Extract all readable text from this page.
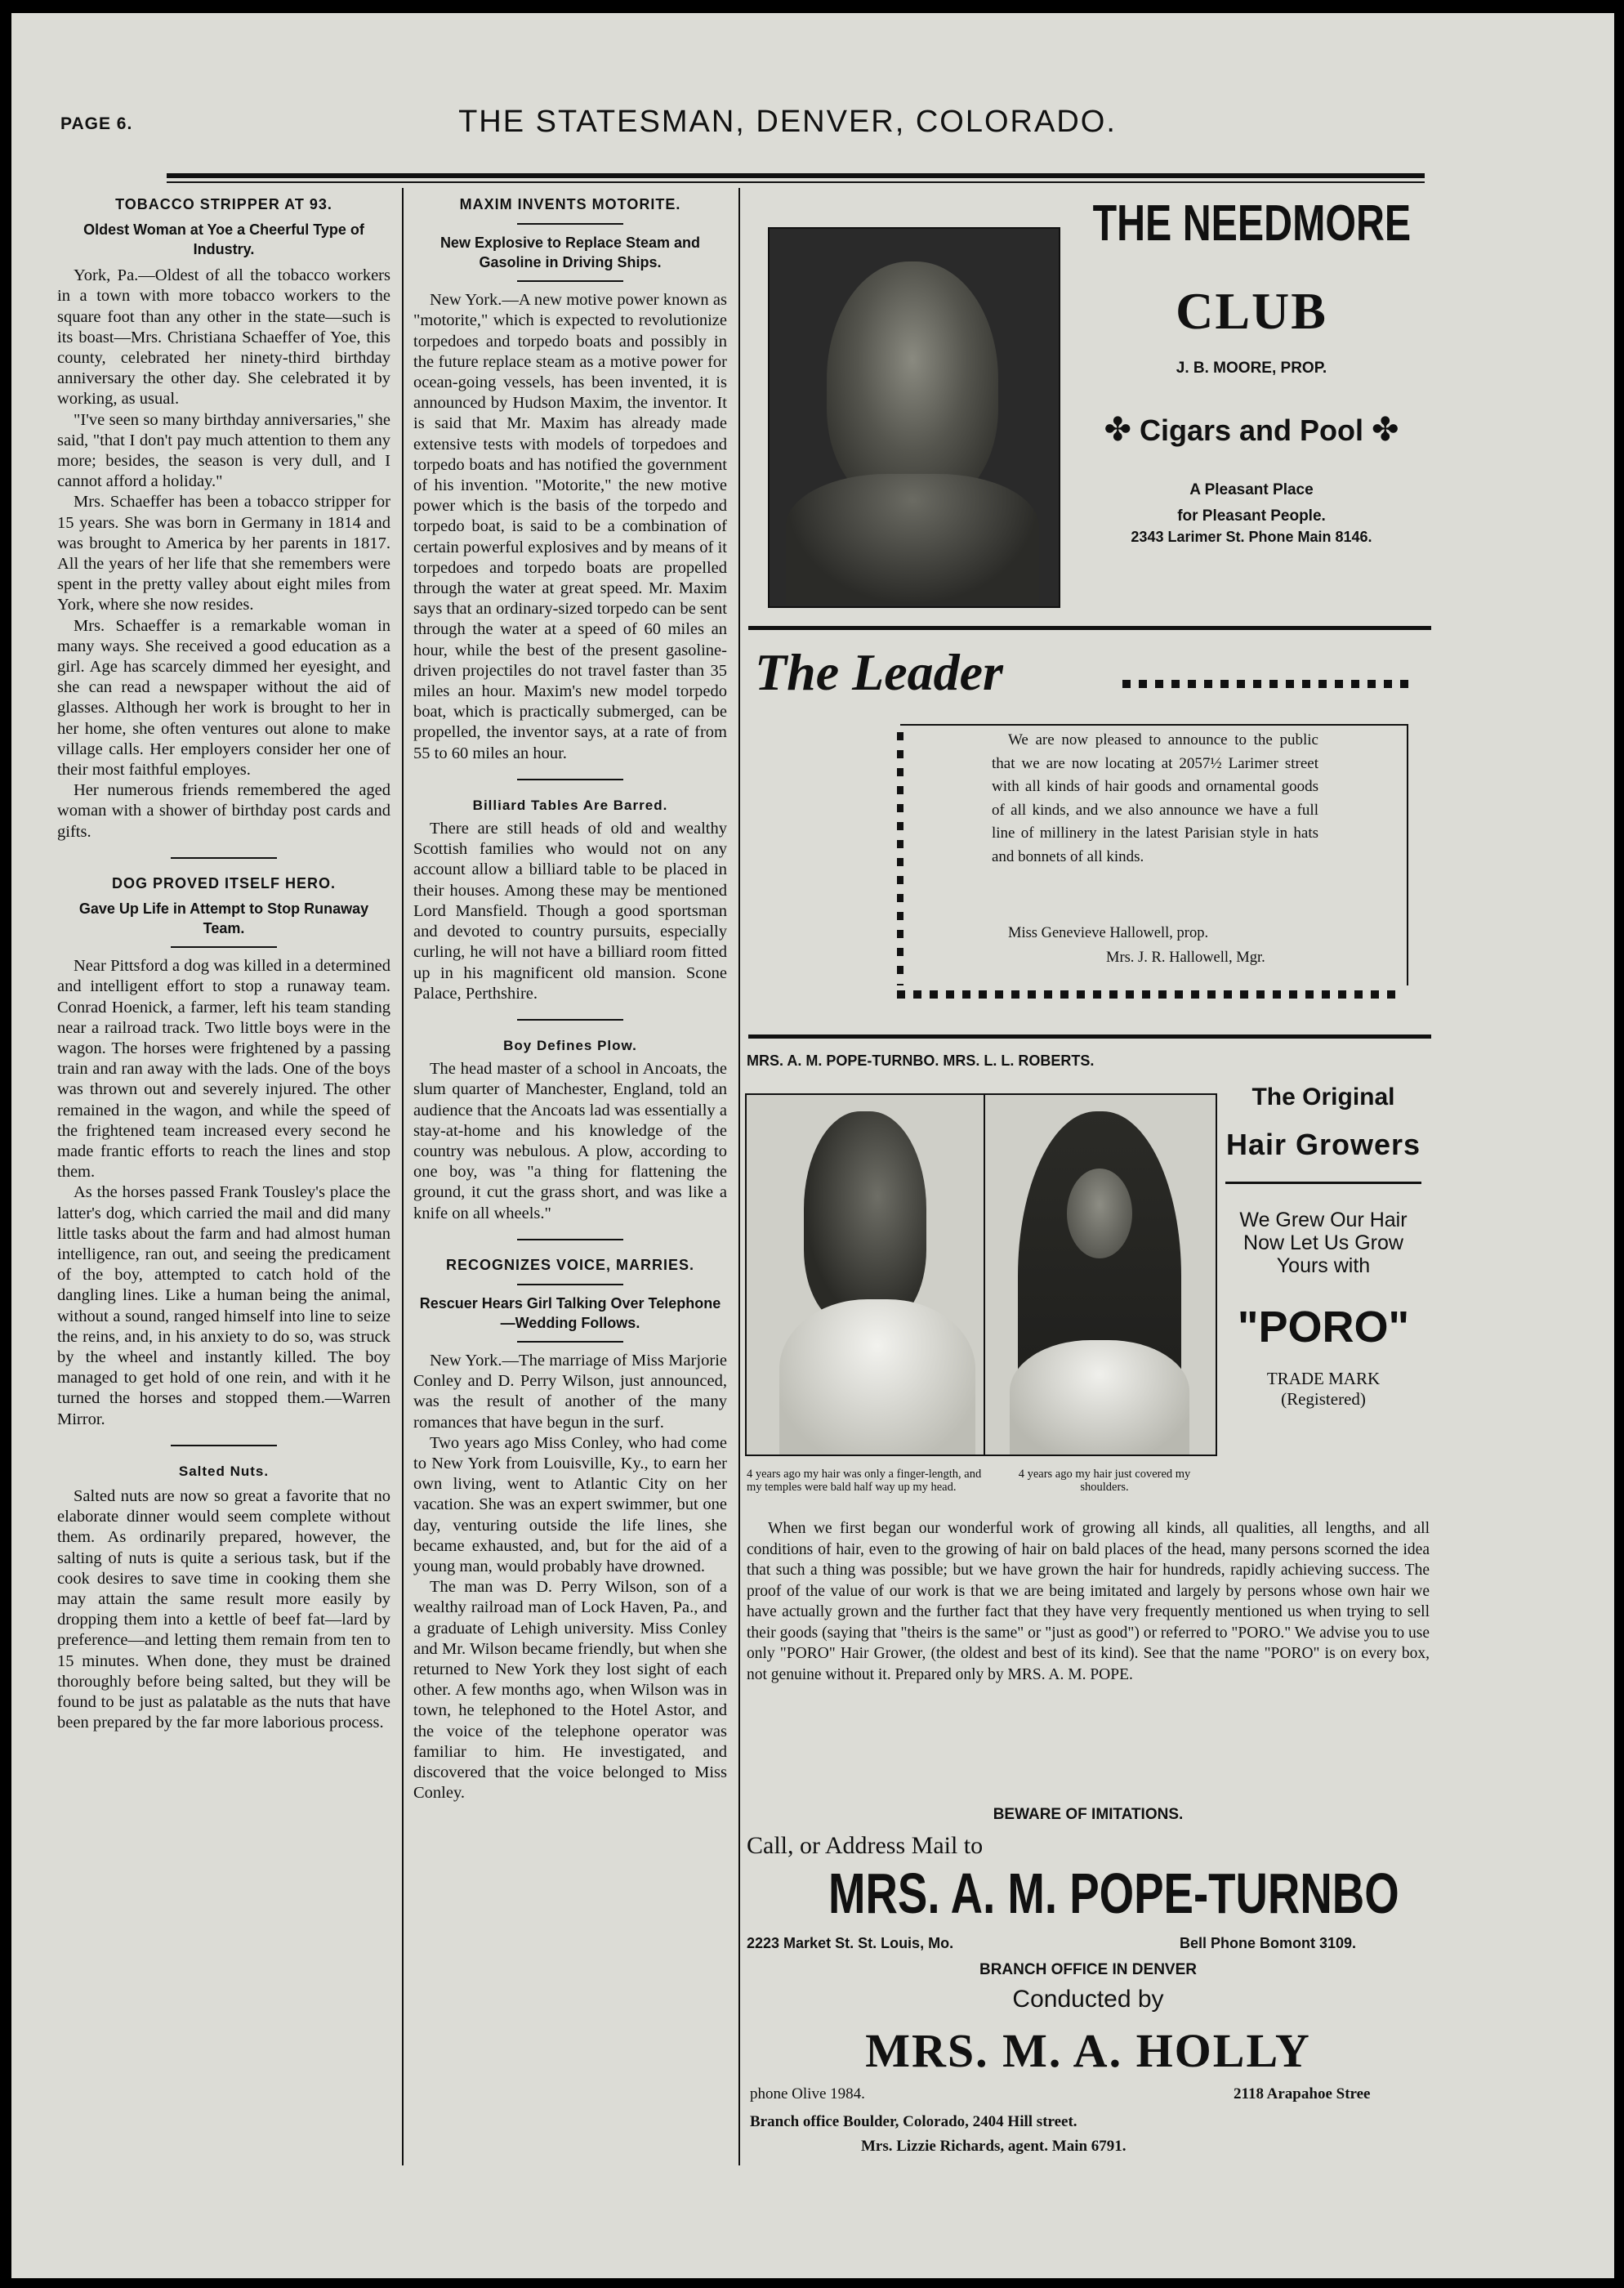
PAGE 6.	THE STATESMAN, DENVER, COLORADO.
TOBACCO STRIPPER AT 93.
Oldest Woman at Yoe a Cheerful Type of Industry.

York, Pa.—Oldest of all the tobacco workers in a town with more tobacco workers to the square foot than any other in the state—such is its boast—Mrs. Christiana Schaeffer of Yoe, this county, celebrated her ninety-third birthday anniversary the other day. She celebrated it by working, as usual.

"I've seen so many birthday anniversaries," she said, "that I don't pay much attention to them any more; besides, the season is very dull, and I cannot afford a holiday."

Mrs. Schaeffer has been a tobacco stripper for 15 years. She was born in Germany in 1814 and was brought to America by her parents in 1817. All the years of her life that she remembers were spent in the pretty valley about eight miles from York, where she now resides.

Mrs. Schaeffer is a remarkable woman in many ways. She received a good education as a girl. Age has scarcely dimmed her eyesight, and she can read a newspaper without the aid of glasses. Although her work is brought to her in her home, she often ventures out alone to make village calls. Her employers consider her one of their most faithful employes.

Her numerous friends remembered the aged woman with a shower of birthday post cards and gifts.

DOG PROVED ITSELF HERO.
Gave Up Life in Attempt to Stop Runaway Team.

Near Pittsford a dog was killed in a determined and intelligent effort to stop a runaway team. Conrad Hoenick, a farmer, left his team standing near a railroad track. Two little boys were in the wagon. The horses were frightened by a passing train and ran away with the lads. One of the boys was thrown out and severely injured. The other remained in the wagon, and while the speed of the frightened team increased every second he made frantic efforts to reach the lines and stop them.

As the horses passed Frank Tousley's place the latter's dog, which carried the mail and did many little tasks about the farm and had almost human intelligence, ran out, and seeing the predicament of the boy, attempted to catch hold of the dangling lines. Like a human being the animal, without a sound, ranged himself into line to seize the reins, and, in his anxiety to do so, was struck by the wheel and instantly killed. The boy managed to get hold of one rein, and with it he turned the horses and stopped them.—Warren Mirror.

Salted Nuts.

Salted nuts are now so great a favorite that no elaborate dinner would seem complete without them. As ordinarily prepared, however, the salting of nuts is quite a serious task, but if the cook desires to save time in cooking them she may attain the same result more easily by dropping them into a kettle of beef fat—lard by preference—and letting them remain from ten to 15 minutes. When done, they must be drained thoroughly before being salted, but they will be found to be just as palatable as the nuts that have been prepared by the far more laborious process.

MAXIM INVENTS MOTORITE.
New Explosive to Replace Steam and Gasoline in Driving Ships.

New York.—A new motive power known as "motorite," which is expected to revolutionize torpedoes and torpedo boats and possibly in the future replace steam as a motive power for ocean-going vessels, has been invented, it is announced by Hudson Maxim, the inventor. It is said that Mr. Maxim has already made extensive tests with models of torpedoes and torpedo boats and has notified the government of his invention. "Motorite," the new motive power which is the basis of the torpedo and torpedo boat, is said to be a combination of certain powerful explosives and by means of it torpedoes and torpedo boats are propelled through the water at great speed. Mr. Maxim says that an ordinary-sized torpedo can be sent through the water at a speed of 60 miles an hour, while the best of the present gasoline-driven projectiles do not travel faster than 35 miles an hour. Maxim's new model torpedo boat, which is practically submerged, can be propelled, the inventor says, at a rate of from 55 to 60 miles an hour.

Billiard Tables Are Barred.

There are still heads of old and wealthy Scottish families who would not on any account allow a billiard table to be placed in their houses. Among these may be mentioned Lord Mansfield. Though a good sportsman and devoted to country pursuits, especially curling, he will not have a billiard room fitted up in his magnificent old mansion. Scone Palace, Perthshire.

Boy Defines Plow.

The head master of a school in Ancoats, the slum quarter of Manchester, England, told an audience that the Ancoats lad was essentially a stay-at-home and his knowledge of the country was nebulous. A plow, according to one boy, was "a thing for flattening the ground, it cut the grass short, and was like a knife on all wheels."

RECOGNIZES VOICE, MARRIES.
Rescuer Hears Girl Talking Over Telephone—Wedding Follows.

New York.—The marriage of Miss Marjorie Conley and D. Perry Wilson, just announced, was the result of another of the many romances that have begun in the surf.

Two years ago Miss Conley, who had come to New York from Louisville, Ky., to earn her own living, went to Atlantic City on her vacation. She was an expert swimmer, but one day, venturing outside the life lines, she became exhausted, and, but for the aid of a young man, would probably have drowned.

The man was D. Perry Wilson, son of a wealthy railroad man of Lock Haven, Pa., and a graduate of Lehigh university. Miss Conley and Mr. Wilson became friendly, but when she returned to New York they lost sight of each other. A few months ago, when Wilson was in town, he telephoned to the Hotel Astor, and the voice of the telephone operator was familiar to him. He investigated, and discovered that the voice belonged to Miss Conley.

THE NEEDMORE
CLUB
J. B. MOORE, PROP.
✤ Cigars and Pool ✤
A Pleasant Place
for Pleasant People.
2343 Larimer St. Phone Main 8146.
The Leader
We are now pleased to announce to the public that we are now locating at 2057½ Larimer street with all kinds of hair goods and ornamental goods of all kinds, and we also announce we have a full line of millinery in the latest Parisian style in hats and bonnets of all kinds.
Miss Genevieve Hallowell, prop.
Mrs. J. R. Hallowell, Mgr.
MRS. A. M. POPE-TURNBO. MRS. L. L. ROBERTS.
4 years ago my hair was only a finger-length, and my temples were bald half way up my head.
4 years ago my hair just covered my shoulders.
The Original
Hair Growers
We Grew Our Hair Now Let Us Grow Yours with
"PORO"
TRADE MARK
(Registered)
When we first began our wonderful work of growing all kinds, all qualities, all lengths, and all conditions of hair, even to the growing of hair on bald places of the head, many persons scorned the idea that such a thing was possible; but we have grown the hair for hundreds, rapidly achieving success. The proof of the value of our work is that we are being imitated and largely by persons whose own hair we have actually grown and the further fact that they have very frequently mentioned us when trying to sell their goods (saying that "theirs is the same" or "just as good") or referred to "PORO." We advise you to use only "PORO" Hair Grower, (the oldest and best of its kind). See that the name "PORO" is on every box, not genuine without it. Prepared only by MRS. A. M. POPE.
BEWARE OF IMITATIONS.
Call, or Address Mail to
MRS. A. M. POPE-TURNBO
2223 Market St. St. Louis, Mo.	Bell Phone Bomont 3109.
BRANCH OFFICE IN DENVER
Conducted by
MRS. M. A. HOLLY
phone Olive 1984.	2118 Arapahoe Stree
Branch office Boulder, Colorado, 2404 Hill street.
Mrs. Lizzie Richards, agent. Main 6791.
